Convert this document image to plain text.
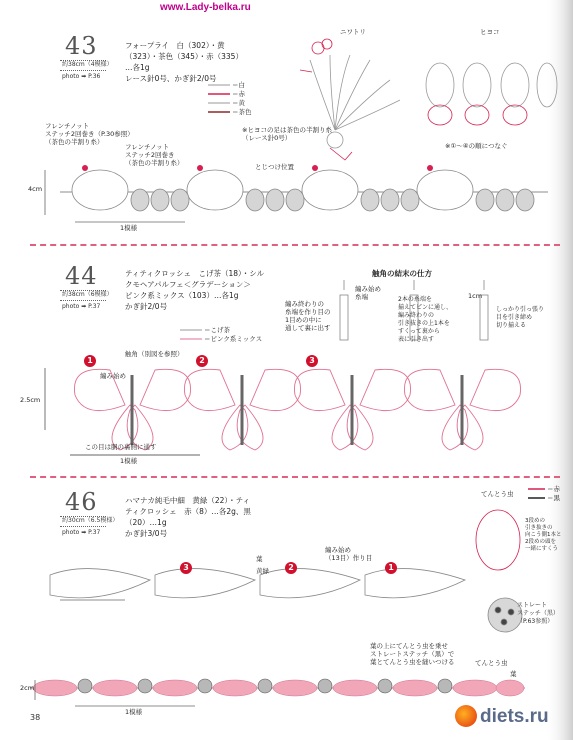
www.Lady-belka.ru
43
約38cm（4模様）
photo ➡ P.36
フォープライ　白（302）・黄
（323）・茶色（345）・赤（335）
…各1g
レース針0号、かぎ針2/0号
＝白
＝赤
＝黄
＝茶色
ニワトリ	ヒヨコ
※①〜④の順につなぐ
フレンチノット
ステッチ2回巻き（P.30参照）
（茶色の半割り糸）
フレンチノット
ステッチ2回巻き
（茶色の半割り糸）
※ヒヨコの足は茶色の半割り糸
（レース針0号）
とじつけ位置
4cm
1模様
44
約38cm（6模様）
photo ➡ P.37
ティティクロッシェ　こげ茶（18）・シル
クモヘアパルフェ＜グラデーション＞
ピンク系ミックス（103）…各1g
かぎ針2/0号
＝こげ茶
＝ピンク系ミックス
触角の結末の仕方
編み始め
糸端
編み終わりの
糸端を作り目の
1目めの中に
通して裏に出す
2本の糸端を
揃えてピンに通し、
編み終わりの
引き抜きの上1本を
すくって裏から
表に引き出す
しっかり引っ張り
目を引き締め
切り揃える
1cm
触角（別図を参照）
編み始め
この目は胴の裏側に通す
2.5cm
1模様
1	2	3
46
約30cm（6.5模様）
photo ➡ P.37
ハマナカ純毛中細　黄緑（22）・ティ
ティクロッシェ　赤（8）…各2g、黒
（20）…1g
かぎ針3/0号
てんとう虫
＝赤
＝黒
3段めの
引き抜きの
向こう側1本と
2段めの頭を
一緒にすくう
ストレート
ステッチ（黒）
（P.63参照）
葉
黄緑
編み始め
（13目）作り目
葉の上にてんとう虫を乗せ
ストレートステッチ（黒）で
葉とてんとう虫を縫いつける	てんとう虫
葉
2cm
1模様
3	2	1
38	diets.ru
